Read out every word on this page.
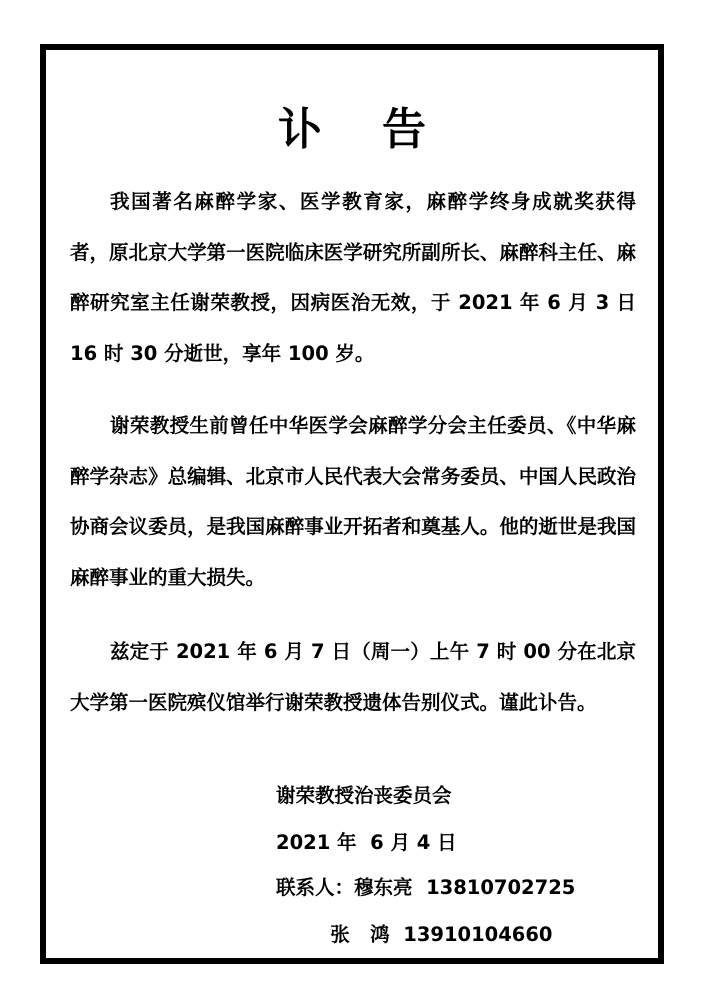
讣告
我国著名麻醉学家、医学教育家，麻醉学终身成就奖获得者，原北京大学第一医院临床医学研究所副所长、麻醉科主任、麻醉研究室主任谢荣教授，因病医治无效，于 2021 年 6 月 3 日 16 时 30 分逝世，享年 100 岁。
谢荣教授生前曾任中华医学会麻醉学分会主任委员、《中华麻醉学杂志》总编辑、北京市人民代表大会常务委员、中国人民政治协商会议委员，是我国麻醉事业开拓者和奠基人。他的逝世是我国麻醉事业的重大损失。
兹定于 2021 年 6 月 7 日（周一）上午 7 时 00 分在北京大学第一医院殡仪馆举行谢荣教授遗体告别仪式。谨此讣告。
谢荣教授治丧委员会
2021 年  6 月 4 日
联系人：穆东亮  13810702725
张   鸿  13910104660
